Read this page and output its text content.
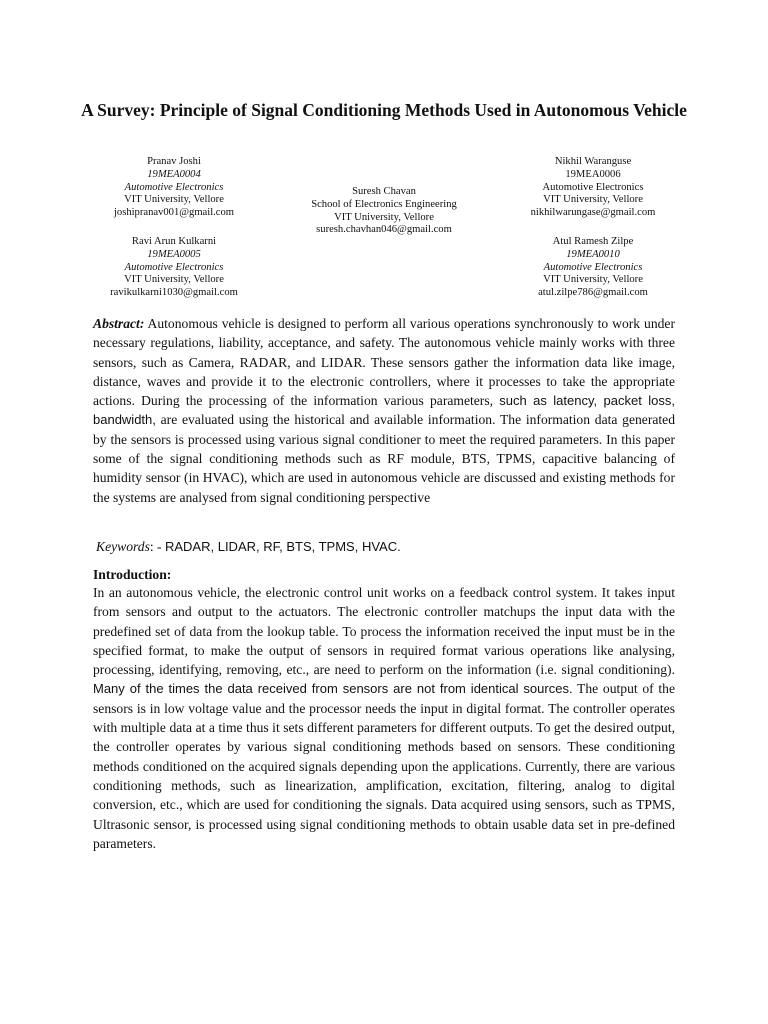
A Survey: Principle of Signal Conditioning Methods Used in Autonomous Vehicle
Pranav Joshi
19MEA0004
Automotive Electronics
VIT University, Vellore
joshipranav001@gmail.com
Ravi Arun Kulkarni
19MEA0005
Automotive Electronics
VIT University, Vellore
ravikulkarni1030@gmail.com
Suresh Chavan
School of Electronics Engineering
VIT University, Vellore
suresh.chavhan046@gmail.com
Nikhil Waranguse
19MEA0006
Automotive Electronics
VIT University, Vellore
nikhilwarungase@gmail.com
Atul Ramesh Zilpe
19MEA0010
Automotive Electronics
VIT University, Vellore
atul.zilpe786@gmail.com

Abstract: Autonomous vehicle is designed to perform all various operations synchronously to work under necessary regulations, liability, acceptance, and safety. The autonomous vehicle mainly works with three sensors, such as Camera, RADAR, and LIDAR. These sensors gather the information data like image, distance, waves and provide it to the electronic controllers, where it processes to take the appropriate actions. During the processing of the information various parameters, such as latency, packet loss, bandwidth, are evaluated using the historical and available information. The information data generated by the sensors is processed using various signal conditioner to meet the required parameters. In this paper some of the signal conditioning methods such as RF module, BTS, TPMS, capacitive balancing of humidity sensor (in HVAC), which are used in autonomous vehicle are discussed and existing methods for the systems are analysed from signal conditioning perspective

Keywords: - RADAR, LIDAR, RF, BTS, TPMS, HVAC.
Introduction:

In an autonomous vehicle, the electronic control unit works on a feedback control system. It takes input from sensors and output to the actuators. The electronic controller matchups the input data with the predefined set of data from the lookup table. To process the information received the input must be in the specified format, to make the output of sensors in required format various operations like analysing, processing, identifying, removing, etc., are need to perform on the information (i.e. signal conditioning). Many of the times the data received from sensors are not from identical sources. The output of the sensors is in low voltage value and the processor needs the input in digital format. The controller operates with multiple data at a time thus it sets different parameters for different outputs. To get the desired output, the controller operates by various signal conditioning methods based on sensors. These conditioning methods conditioned on the acquired signals depending upon the applications. Currently, there are various conditioning methods, such as linearization, amplification, excitation, filtering, analog to digital conversion, etc., which are used for conditioning the signals. Data acquired using sensors, such as TPMS, Ultrasonic sensor, is processed using signal conditioning methods to obtain usable data set in pre-defined parameters.
